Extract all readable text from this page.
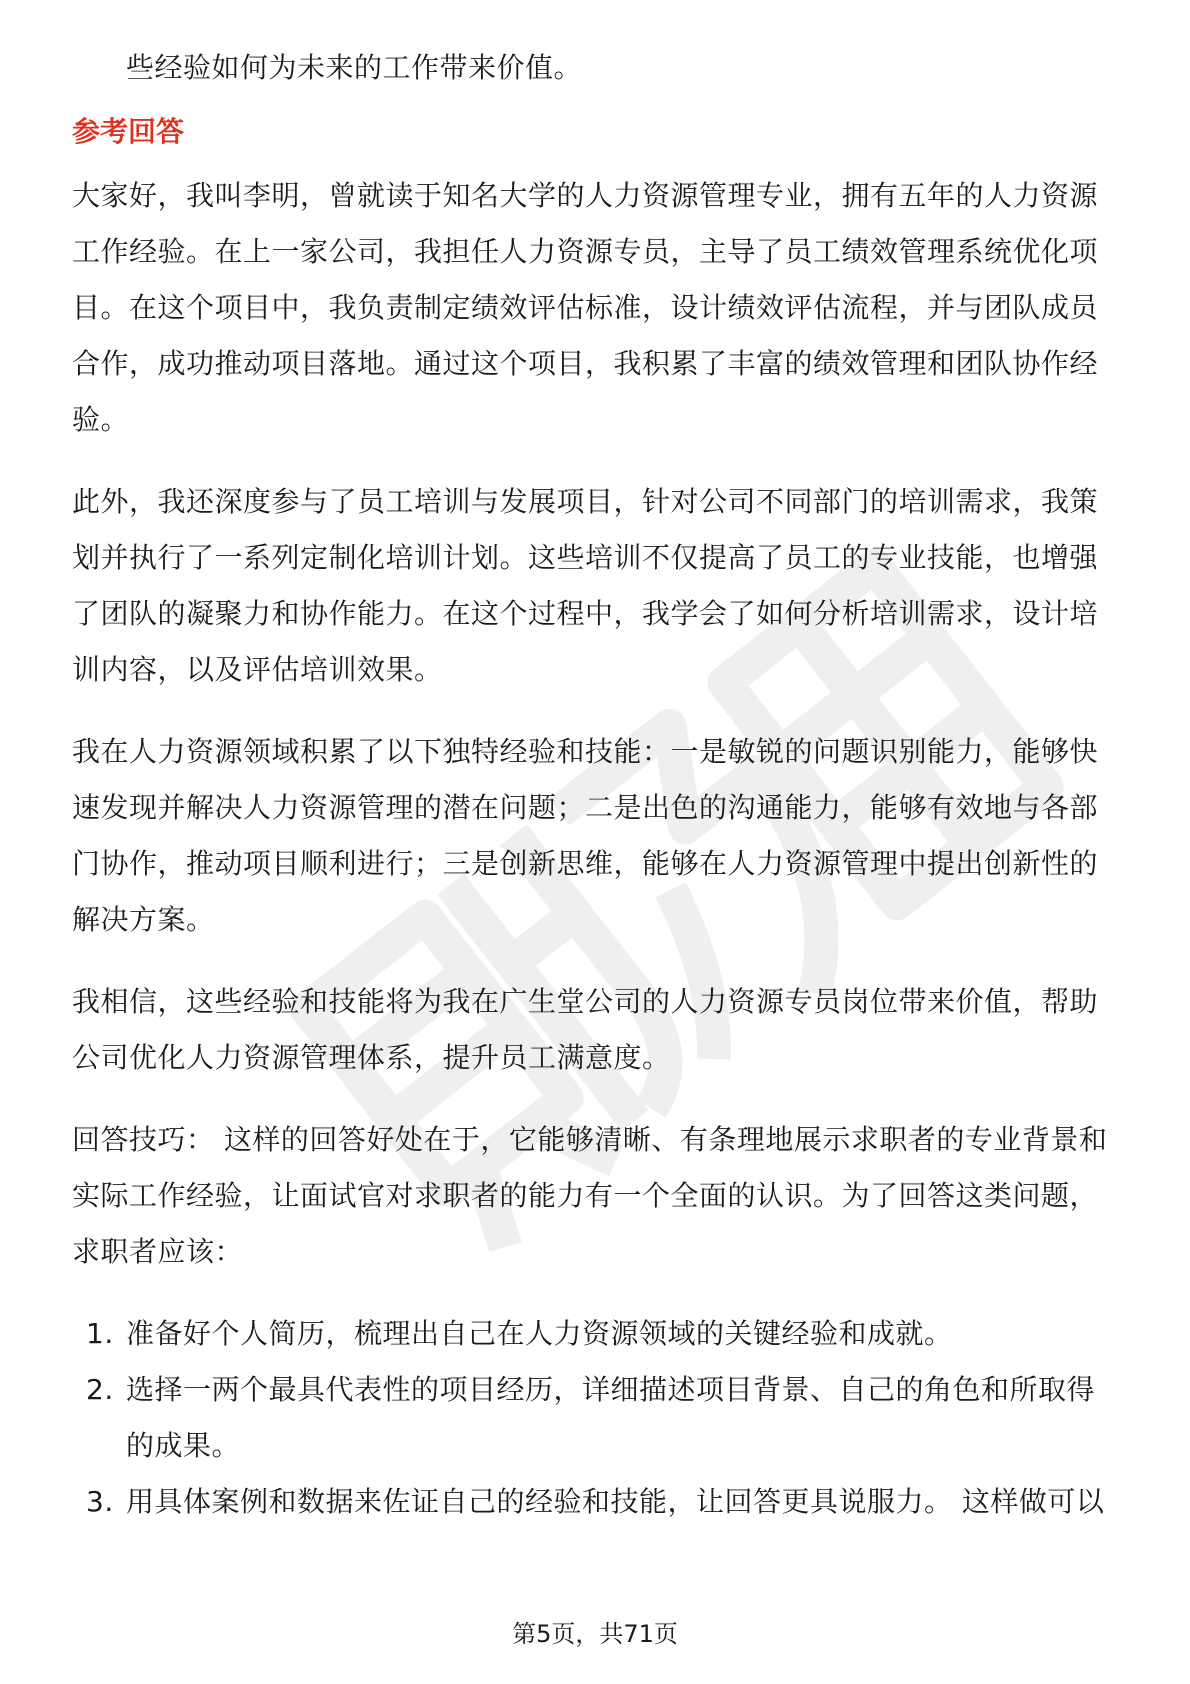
些经验如何为未来的工作带来价值。

参考回答

大家好，我叫李明，曾就读于知名大学的人力资源管理专业，拥有五年的人力资源工作经验。在上一家公司，我担任人力资源专员，主导了员工绩效管理系统优化项目。在这个项目中，我负责制定绩效评估标准，设计绩效评估流程，并与团队成员合作，成功推动项目落地。通过这个项目，我积累了丰富的绩效管理和团队协作经验。

此外，我还深度参与了员工培训与发展项目，针对公司不同部门的培训需求，我策划并执行了一系列定制化培训计划。这些培训不仅提高了员工的专业技能，也增强了团队的凝聚力和协作能力。在这个过程中，我学会了如何分析培训需求，设计培训内容，以及评估培训效果。

我在人力资源领域积累了以下独特经验和技能：一是敏锐的问题识别能力，能够快速发现并解决人力资源管理的潜在问题；二是出色的沟通能力，能够有效地与各部门协作，推动项目顺利进行；三是创新思维，能够在人力资源管理中提出创新性的解决方案。

我相信，这些经验和技能将为我在广生堂公司的人力资源专员岗位带来价值，帮助公司优化人力资源管理体系，提升员工满意度。

回答技巧： 这样的回答好处在于，它能够清晰、有条理地展示求职者的专业背景和实际工作经验，让面试官对求职者的能力有一个全面的认识。为了回答这类问题，求职者应该：

1. 准备好个人简历，梳理出自己在人力资源领域的关键经验和成就。
2. 选择一两个最具代表性的项目经历，详细描述项目背景、自己的角色和所取得的成果。
3. 用具体案例和数据来佐证自己的经验和技能，让回答更具说服力。 这样做可以
第5页，共71页
